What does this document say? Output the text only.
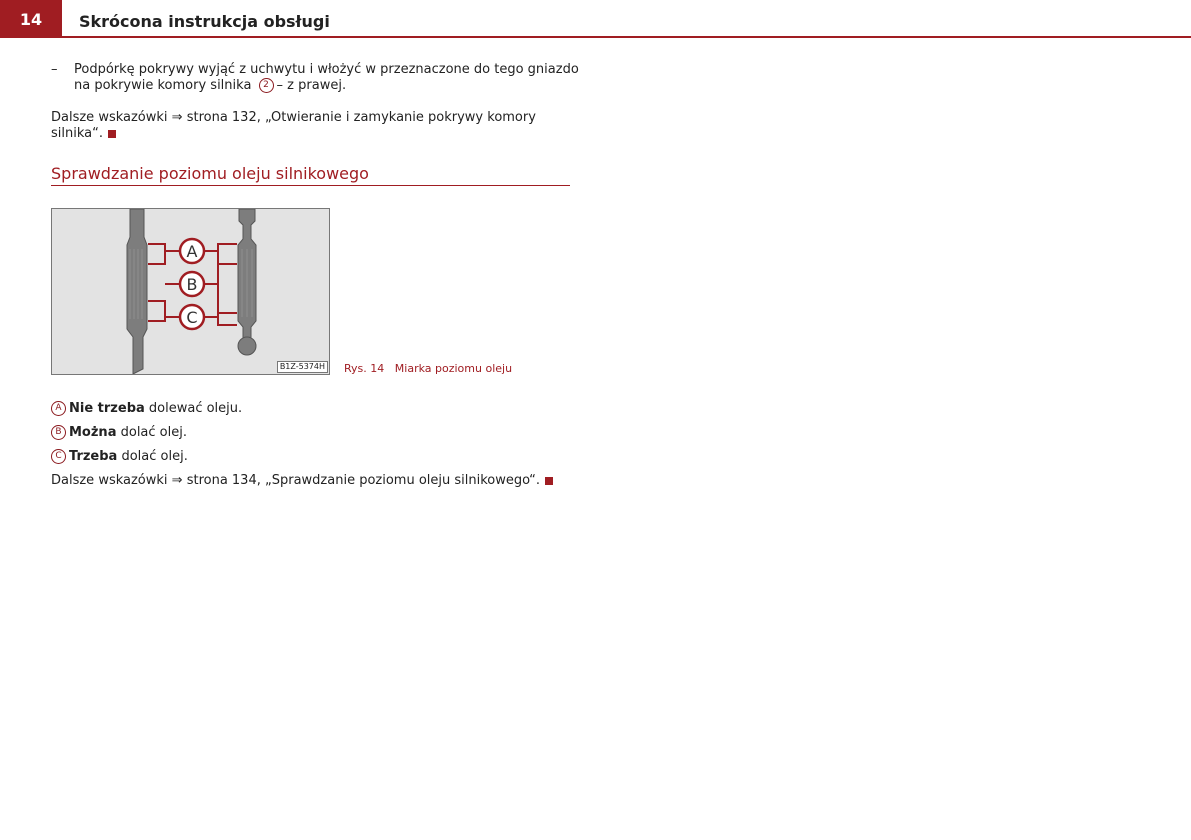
14	Skrócona instrukcja obsługi
– Podpórkę pokrywy wyjąć z uchwytu i włożyć w przeznaczone do tego gniazdo
na pokrywie komory silnika 2 – z prawej.
Dalsze wskazówki ⇒ strona 132, „Otwieranie i zamykanie pokrywy komory
silnika“.
Sprawdzanie poziomu oleju silnikowego
A
B
C
B1Z-5374H Rys. 14 Miarka poziomu oleju
A Nie trzeba dolewać oleju.
B Można dolać olej.
C Trzeba dolać olej.
Dalsze wskazówki ⇒ strona 134, „Sprawdzanie poziomu oleju silnikowego“.
